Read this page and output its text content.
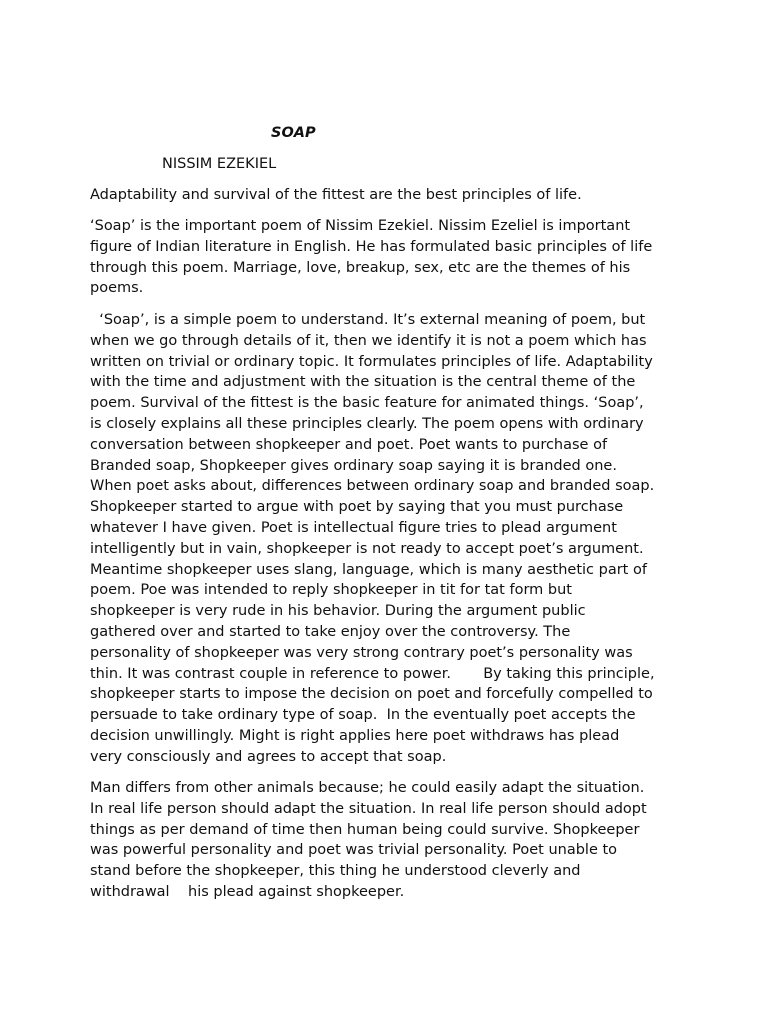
SOAP

NISSIM EZEKIEL

Adaptability and survival of the fittest are the best principles of life.
‘Soap’ is the important poem of Nissim Ezekiel. Nissim Ezeliel is important
figure of Indian literature in English. He has formulated basic principles of life
through this poem. Marriage, love, breakup, sex, etc are the themes of his
poems.
‘Soap’, is a simple poem to understand. It’s external meaning of poem, but
when we go through details of it, then we identify it is not a poem which has
written on trivial or ordinary topic. It formulates principles of life. Adaptability
with the time and adjustment with the situation is the central theme of the
poem. Survival of the fittest is the basic feature for animated things. ‘Soap’,
is closely explains all these principles clearly. The poem opens with ordinary
conversation between shopkeeper and poet. Poet wants to purchase of
Branded soap, Shopkeeper gives ordinary soap saying it is branded one.
When poet asks about, differences between ordinary soap and branded soap.
Shopkeeper started to argue with poet by saying that you must purchase
whatever I have given. Poet is intellectual figure tries to plead argument
intelligently but in vain, shopkeeper is not ready to accept poet’s argument.
Meantime shopkeeper uses slang, language, which is many aesthetic part of
poem. Poe was intended to reply shopkeeper in tit for tat form but
shopkeeper is very rude in his behavior. During the argument public
gathered over and started to take enjoy over the controversy. The
personality of shopkeeper was very strong contrary poet’s personality was
thin. It was contrast couple in reference to power.       By taking this principle,
shopkeeper starts to impose the decision on poet and forcefully compelled to
persuade to take ordinary type of soap.  In the eventually poet accepts the
decision unwillingly. Might is right applies here poet withdraws has plead
very consciously and agrees to accept that soap.
Man differs from other animals because; he could easily adapt the situation.
In real life person should adapt the situation. In real life person should adopt
things as per demand of time then human being could survive. Shopkeeper
was powerful personality and poet was trivial personality. Poet unable to
stand before the shopkeeper, this thing he understood cleverly and
withdrawal    his plead against shopkeeper.
